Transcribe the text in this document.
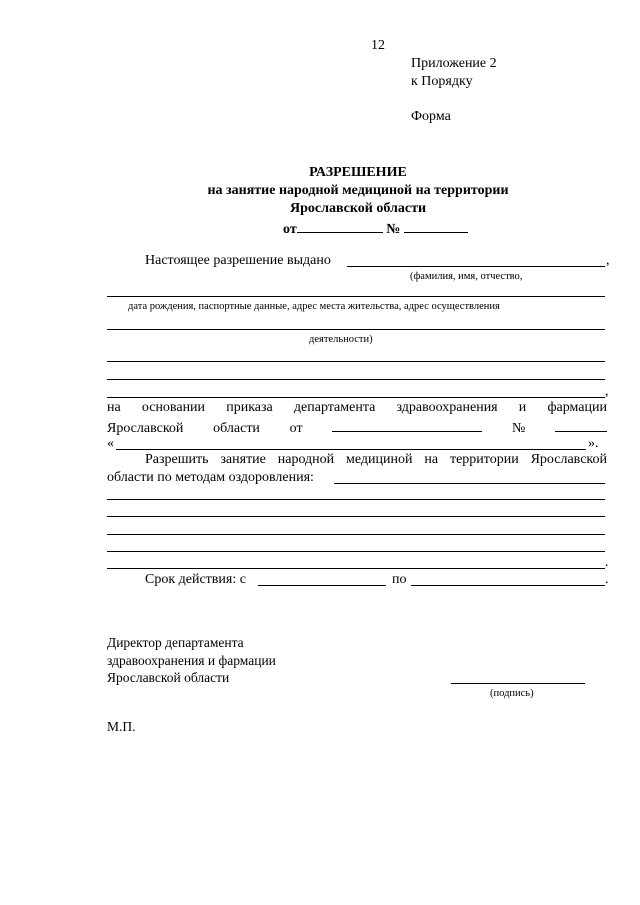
12
Приложение 2
к Порядку
Форма
РАЗРЕШЕНИЕ
на занятие народной медициной на территории
Ярославской области
от	№
Настоящее разрешение выдано	,
(фамилия, имя, отчество,
дата рождения, паспортные данные, адрес места жительства, адрес осуществления
деятельности)
,
на основании приказа департамента здравоохранения и фармации
Ярославской области от	№
«	».
Разрешить занятие народной медициной на территории Ярославской
области по методам оздоровления:
.
Срок действия: с	по	.
Директор департамента
здравоохранения и фармации
Ярославской области
(подпись)
М.П.
